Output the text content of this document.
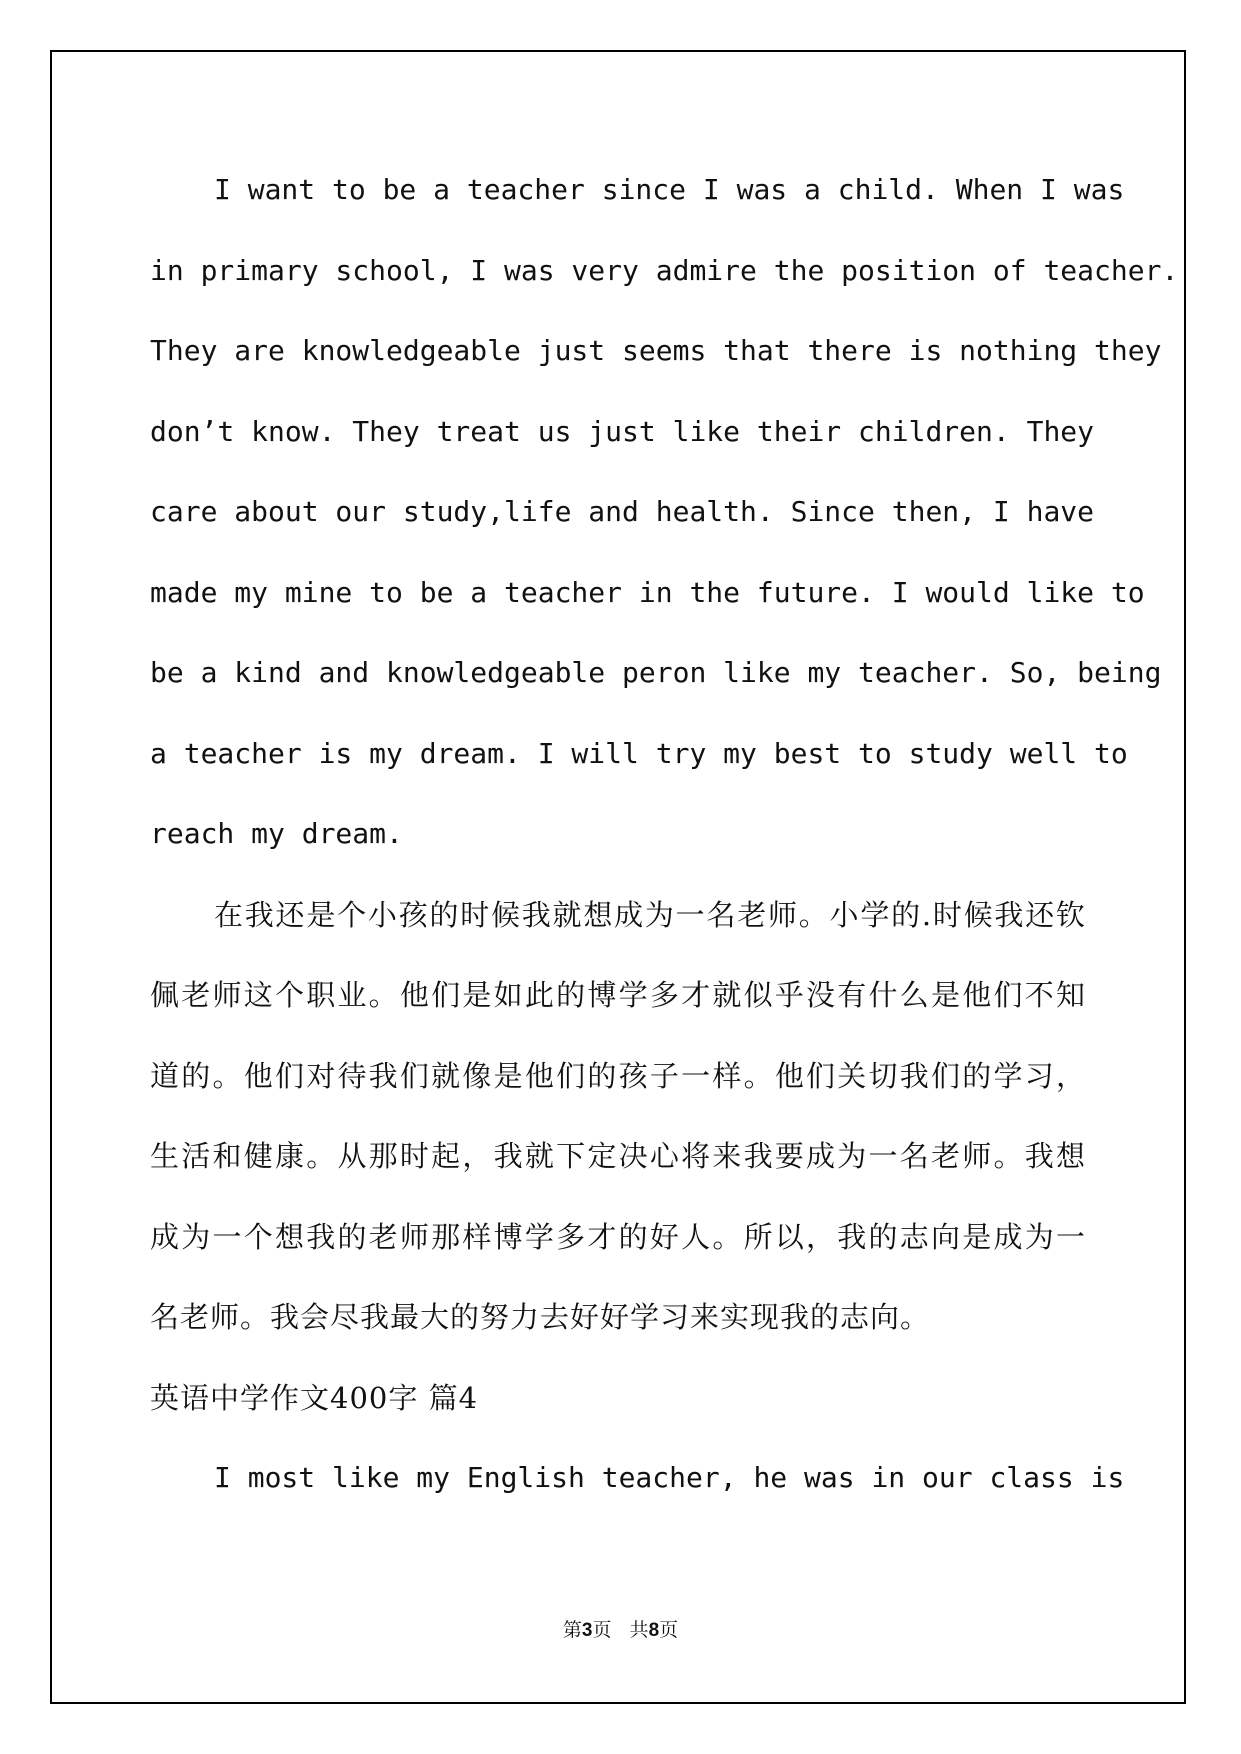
I want to be a teacher since I was a child. When I was
in primary school, I was very admire the position of teacher.
They are knowledgeable just seems that there is nothing they
don’t know. They treat us just like their children. They
care about our study,life and health. Since then, I have
made my mine to be a teacher in the future. I would like to
be a kind and knowledgeable peron like my teacher. So, being
a teacher is my dream. I will try my best to study well to
reach my dream.
在我还是个小孩的时候我就想成为一名老师。小学的.时候我还钦
佩老师这个职业。他们是如此的博学多才就似乎没有什么是他们不知
道的。他们对待我们就像是他们的孩子一样。他们关切我们的学习，
生活和健康。从那时起，我就下定决心将来我要成为一名老师。我想
成为一个想我的老师那样博学多才的好人。所以，我的志向是成为一
名老师。我会尽我最大的努力去好好学习来实现我的志向。
英语中学作文400字 篇4
I most like my English teacher, he was in our class is
第3页   共8页
